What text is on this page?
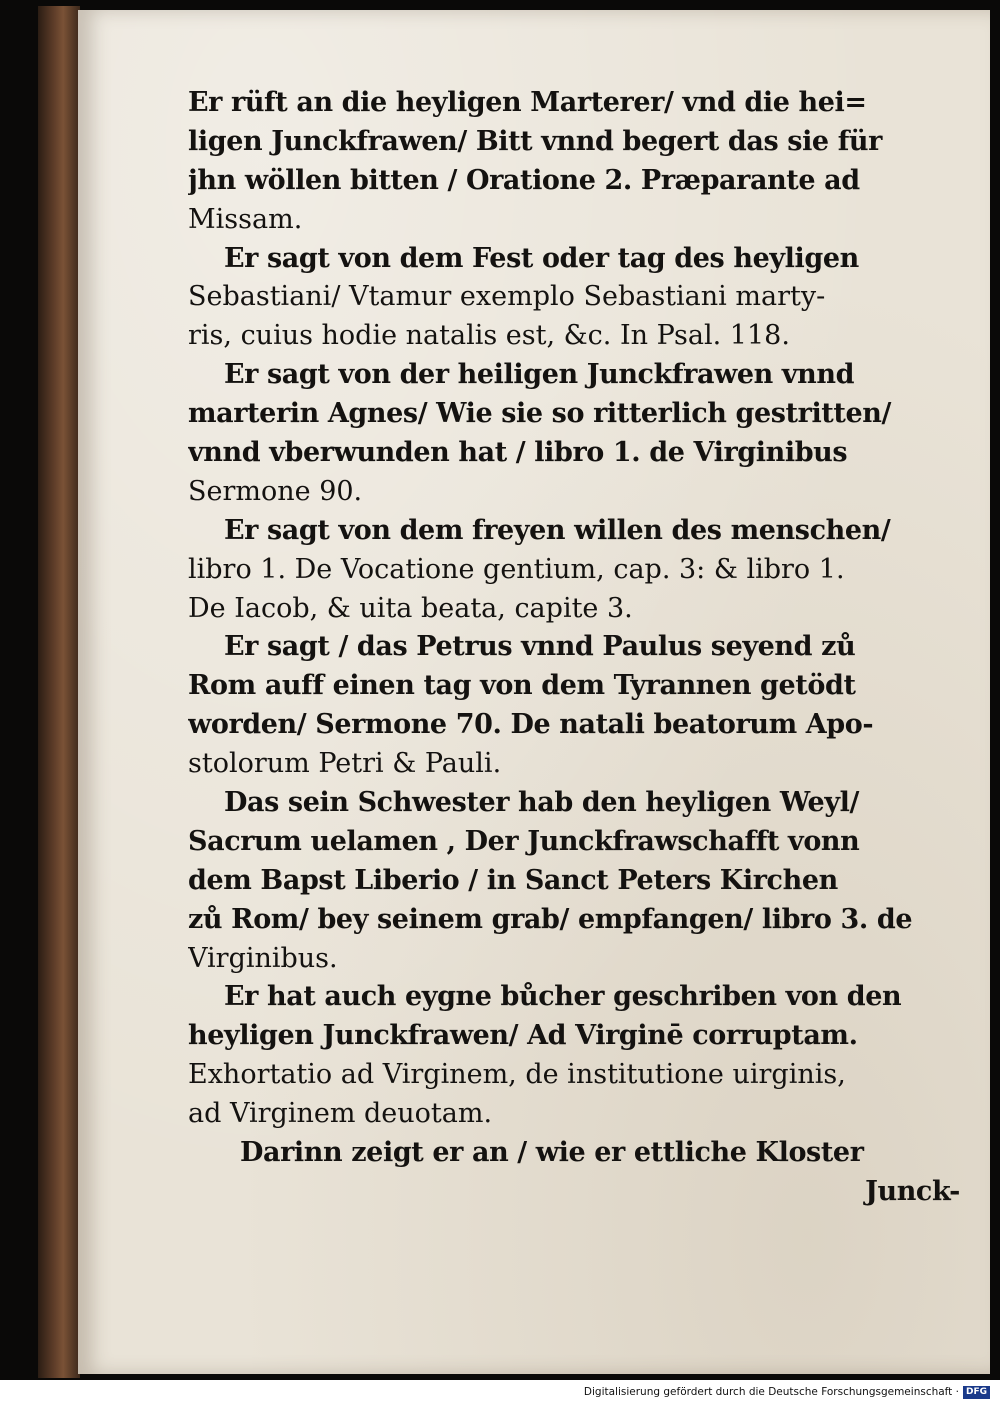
Er rüft an die heyligen Marterer/ vnd die hei=
ligen Junckfrawen/ Bitt vnnd begert das sie für
jhn wöllen bitten / Oratione 2. Præparante ad
Missam.
Er sagt von dem Fest oder tag des heyligen
Sebastiani/ Vtamur exemplo Sebastiani marty-
ris, cuius hodie natalis est, &c. In Psal. 118.
Er sagt von der heiligen Junckfrawen vnnd
marterin Agnes/ Wie sie so ritterlich gestritten/
vnnd vberwunden hat / libro 1. de Virginibus
Sermone 90.
Er sagt von dem freyen willen des menschen/
libro 1. De Vocatione gentium, cap. 3: & libro 1.
De Iacob, & uita beata, capite 3.
Er sagt / das Petrus vnnd Paulus seyend zů
Rom auff einen tag von dem Tyrannen getödt
worden/ Sermone 70. De natali beatorum Apo-
stolorum Petri & Pauli.
Das sein Schwester hab den heyligen Weyl/
Sacrum uelamen , Der Junckfrawschafft vonn
dem Bapst Liberio / in Sanct Peters Kirchen
zů Rom/ bey seinem grab/ empfangen/ libro 3. de
Virginibus.
Er hat auch eygne bůcher geschriben von den
heyligen Junckfrawen/ Ad Virginē corruptam.
Exhortatio ad Virginem, de institutione uirginis,
ad Virginem deuotam.
Darinn zeigt er an / wie er ettliche Kloster
Junck-
Digitalisierung gefördert durch die Deutsche Forschungsgemeinschaft · DFG
